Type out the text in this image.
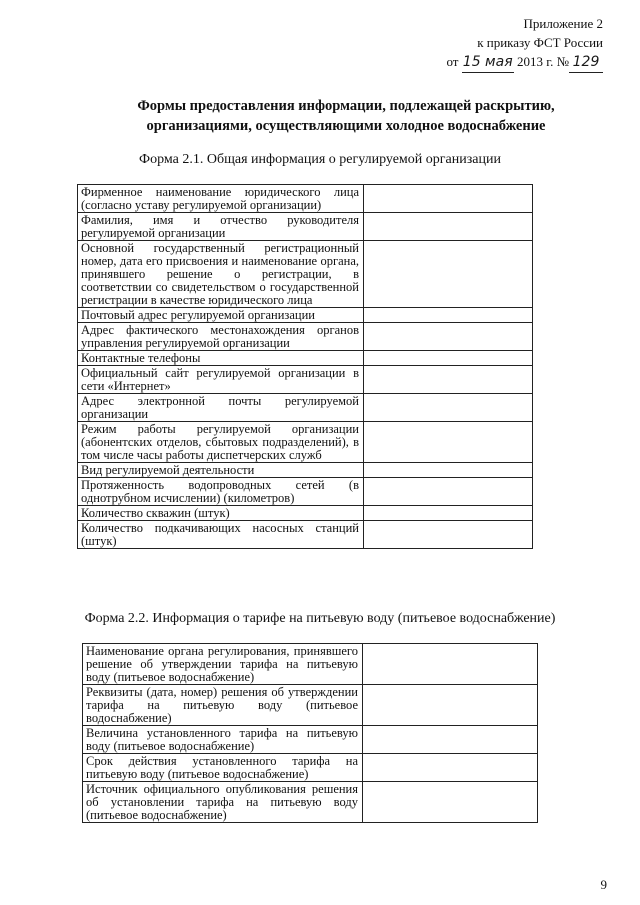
Приложение 2
к приказу ФСТ России
от 15 мая 2013 г. № 129
Формы предоставления информации, подлежащей раскрытию,
организациями, осуществляющими холодное водоснабжение
Форма 2.1. Общая информация о регулируемой организации
Фирменное наименование юридического лица (согласно уставу регулируемой организации)	
Фамилия, имя и отчество руководителя регулируемой организации	
Основной государственный регистрационный номер, дата его присвоения и наименование органа, принявшего решение о регистрации, в соответствии со свидетельством о государственной регистрации в качестве юридического лица	
Почтовый адрес регулируемой организации	
Адрес фактического местонахождения органов управления регулируемой организации	
Контактные телефоны	
Официальный сайт регулируемой организации в сети «Интернет»	
Адрес электронной почты регулируемой организации	
Режим работы регулируемой организации (абонентских отделов, сбытовых подразделений), в том числе часы работы диспетчерских служб	
Вид регулируемой деятельности	
Протяженность водопроводных сетей (в однотрубном исчислении) (километров)	
Количество скважин (штук)	
Количество подкачивающих насосных станций (штук)	
Форма 2.2. Информация о тарифе на питьевую воду (питьевое водоснабжение)
Наименование органа регулирования, принявшего решение об утверждении тарифа на питьевую воду (питьевое водоснабжение)	
Реквизиты (дата, номер) решения об утверждении тарифа на питьевую воду (питьевое водоснабжение)	
Величина установленного тарифа на питьевую воду (питьевое водоснабжение)	
Срок действия установленного тарифа на питьевую воду (питьевое водоснабжение)	
Источник официального опубликования решения об установлении тарифа на питьевую воду (питьевое водоснабжение)	
9
